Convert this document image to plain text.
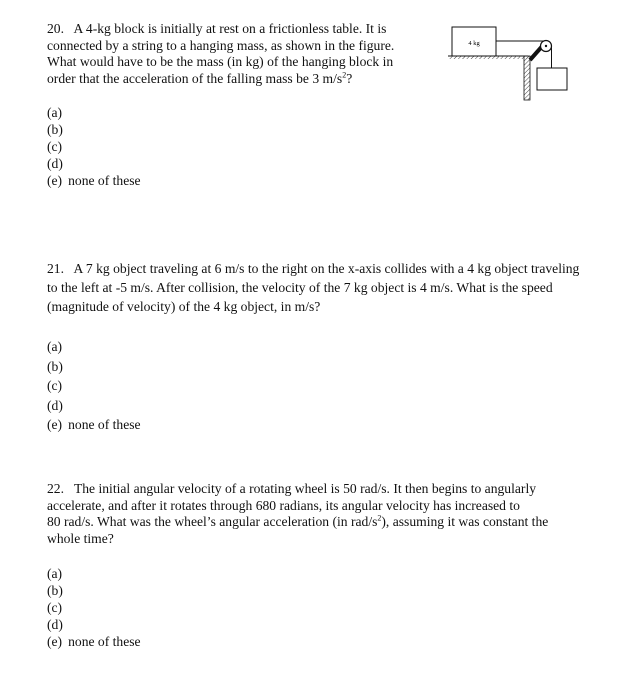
20. A 4-kg block is initially at rest on a frictionless table. It is
connected by a string to a hanging mass, as shown in the figure.
What would have to be the mass (in kg) of the hanging block in
order that the acceleration of the falling mass be 3 $m/s^2$?

(a)
(b)
(c)
(d)
(e) none of these
4 kg

21. A 7 kg object traveling at 6 m/s to the right on the x-axis collides with a 4 kg object traveling
to the left at -5 m/s. After collision, the velocity of the 7 kg object is 4 m/s. What is the speed
(magnitude of velocity) of the 4 kg object, in m/s?

(a)
(b)
(c)
(d)
(e) none of these

22. The initial angular velocity of a rotating wheel is 50 rad/s. It then begins to angularly
accelerate, and after it rotates through 680 radians, its angular velocity has increased to
80 rad/s. What was the wheel’s angular acceleration (in rad/$s^2$), assuming it was constant the
whole time?

(a)
(b)
(c)
(d)
(e) none of these
